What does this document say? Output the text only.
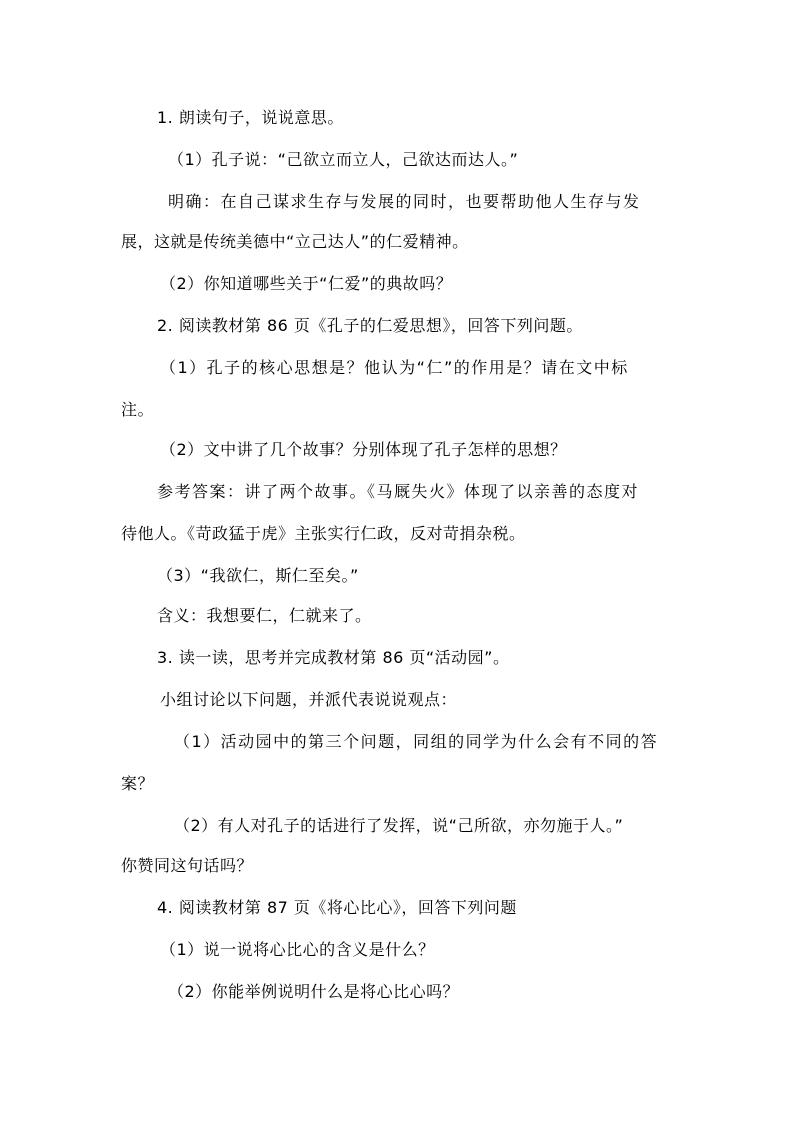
1. 朗读句子，说说意思。
（1）孔子说：“己欲立而立人，己欲达而达人。”
明确：在自己谋求生存与发展的同时，也要帮助他人生存与发
展，这就是传统美德中“立己达人”的仁爱精神。
（2）你知道哪些关于“仁爱”的典故吗？
2. 阅读教材第 86 页《孔子的仁爱思想》，回答下列问题。
（1）孔子的核心思想是？他认为“仁”的作用是？请在文中标
注。
（2）文中讲了几个故事？分别体现了孔子怎样的思想？
参考答案：讲了两个故事。《马厩失火》体现了以亲善的态度对
待他人。《苛政猛于虎》主张实行仁政，反对苛捐杂税。
（3）“我欲仁，斯仁至矣。”
含义：我想要仁，仁就来了。
3. 读一读，思考并完成教材第 86 页“活动园”。
小组讨论以下问题，并派代表说说观点：
（1）活动园中的第三个问题，同组的同学为什么会有不同的答
案？
（2）有人对孔子的话进行了发挥，说“己所欲，亦勿施于人。”
你赞同这句话吗？
4. 阅读教材第 87 页《将心比心》，回答下列问题
（1）说一说将心比心的含义是什么？
（2）你能举例说明什么是将心比心吗？
